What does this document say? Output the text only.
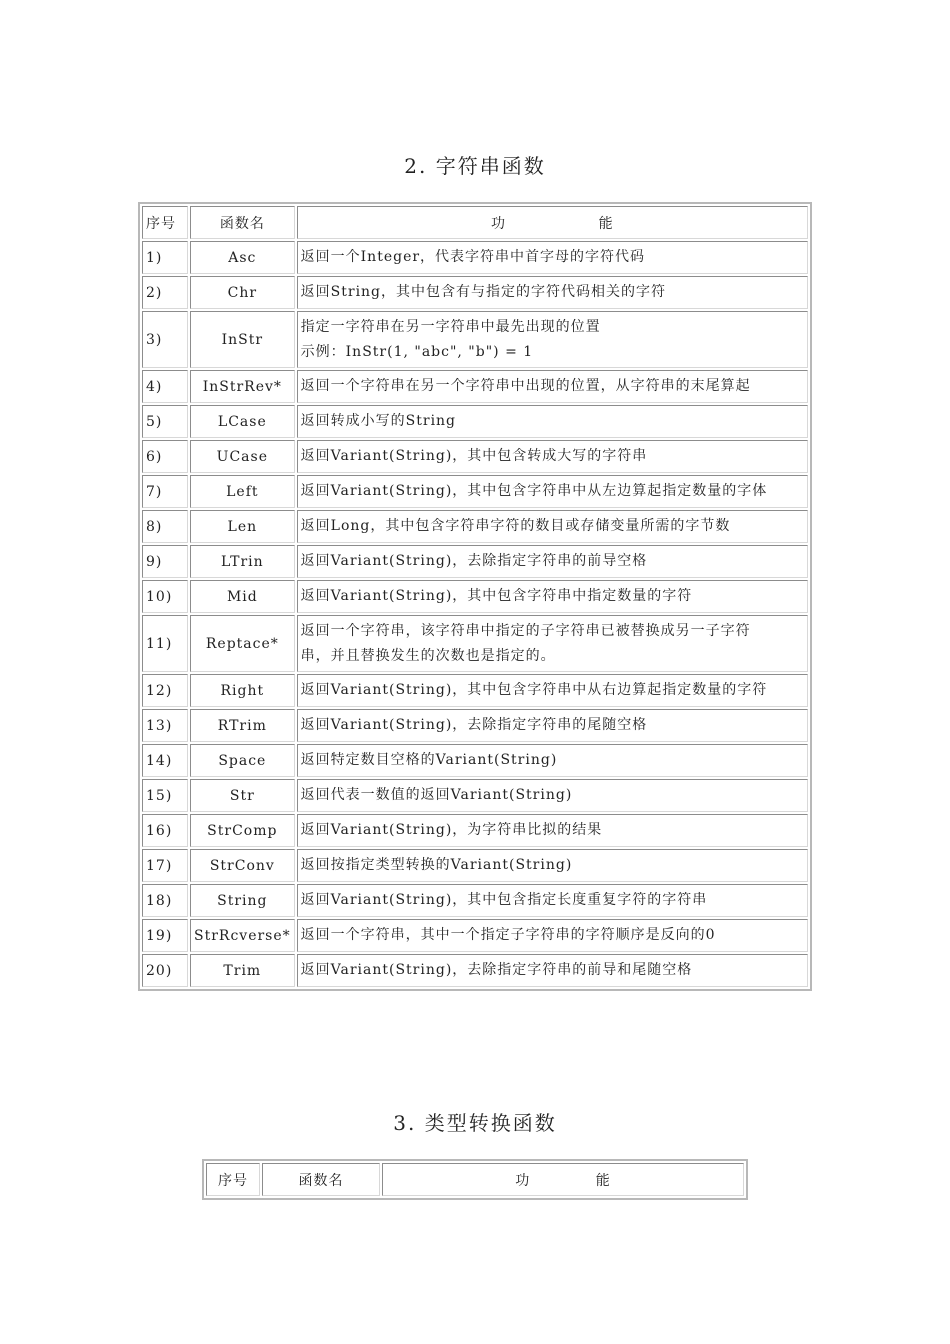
2. 字符串函数
序号	函数名	功                 能
1)	Asc	返回一个Integer，代表字符串中首字母的字符代码

2)	Chr	返回String，其中包含有与指定的字符代码相关的字符

3)	InStr	指定一字符串在另一字符串中最先出现的位置
示例：InStr(1, "abc", "b") = 1

4)	InStrRev*	返回一个字符串在另一个字符串中出现的位置，从字符串的末尾算起

5)	LCase	返回转成小写的String

6)	UCase	返回Variant(String)，其中包含转成大写的字符串

7)	Left	返回Variant(String)，其中包含字符串中从左边算起指定数量的字体

8)	Len	返回Long，其中包含字符串字符的数目或存储变量所需的字节数

9)	LTrin	返回Variant(String)，去除指定字符串的前导空格

10)	Mid	返回Variant(String)，其中包含字符串中指定数量的字符

11)	Reptace*	返回一个字符串，该字符串中指定的子字符串已被替换成另一子字符
串，并且替换发生的次数也是指定的。

12)	Right	返回Variant(String)，其中包含字符串中从右边算起指定数量的字符

13)	RTrim	返回Variant(String)，去除指定字符串的尾随空格

14)	Space	返回特定数目空格的Variant(String)

15)	Str	返回代表一数值的返回Variant(String)

16)	StrComp	返回Variant(String)，为字符串比拟的结果

17)	StrConv	返回按指定类型转换的Variant(String)

18)	String	返回Variant(String)，其中包含指定长度重复字符的字符串

19)	StrRcverse*	返回一个字符串，其中一个指定子字符串的字符顺序是反向的0

20)	Trim	返回Variant(String)，去除指定字符串的前导和尾随空格
3. 类型转换函数
序号	函数名	功            能
